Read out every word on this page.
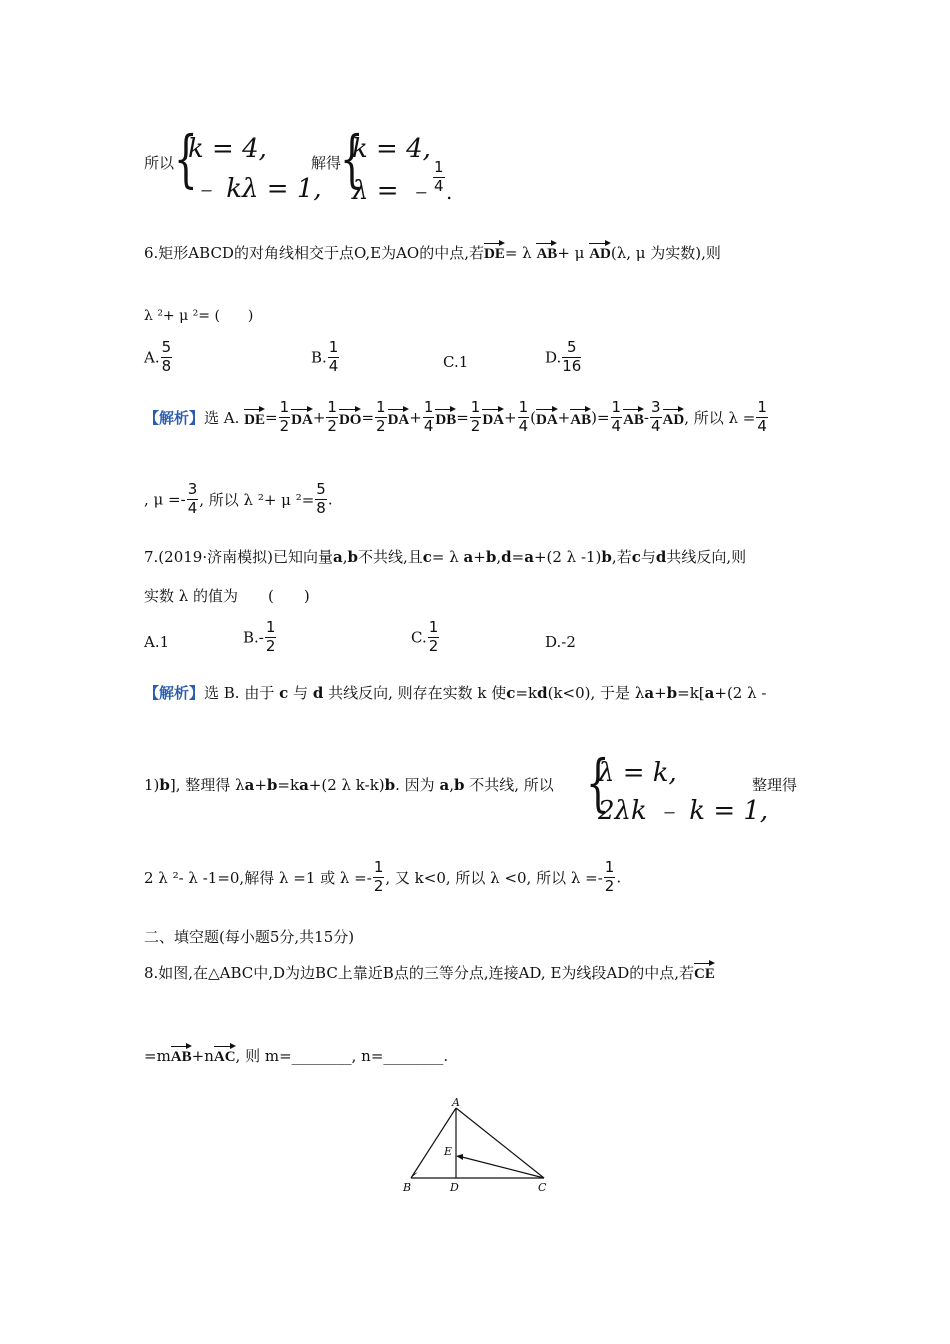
所以 {
k = 4,
﹣ kλ = 1,
解得
{
k = 4,
λ = ﹣ $\frac{1}{4}$ .
6.矩形ABCD的对角线相交于点O,E为AO的中点,若DE= λ AB+ μ AD(λ, μ 为实数),则
λ ²+ μ ²= (　　)
A. $\frac{5}{8}$	B. $\frac{1}{4}$	C.1	D. $\frac{5}{16}$
【解析】选 A. $DE= \frac{1}{2} DA+ \frac{1}{2} DO= \frac{1}{2} DA+ \frac{1}{4} DB= \frac{1}{2} DA+ \frac{1}{4} (DA+AB)= \frac{1}{4} AB- \frac{3}{4}$ AD, 所以 $\lambda = \frac{1}{4}$
, $\mu =- \frac{3}{4}$ , 所以 λ ²+ μ $^2= \frac{5}{8}$ .
7.(2019·济南模拟)已知向量a,b不共线,且c= λ a+b,d=a+(2 λ -1)b,若c与d共线反向,则
实数 λ 的值为　　(　　)
A.1	$B.- \frac{1}{2}$	C. $\frac{1}{2}$	D.-2
【解析】选 B. 由于 c 与 d 共线反向, 则存在实数 k 使c=kd(k<0), 于是 λa+b=k[a+(2 λ -
1)b], 整理得 λa+b=ka+(2 λ k-k)b. 因为 a,b 不共线, 所以 {
λ = k,
2λk ﹣ k = 1,
整理得
2 λ ²- λ -1=0,解得 λ =1 或 $\lambda =- \frac{1}{2}$ , 又 k<0, 所以 λ <0, 所以 $\lambda =- \frac{1}{2}$ .
二、填空题(每小题5分,共15分)
8.如图,在△ABC中,D为边BC上靠近B点的三等分点,连接AD, E为线段AD的中点,若CE
=mAB+nAC, 则 m=________, n=________.
A
B	C
D
E
